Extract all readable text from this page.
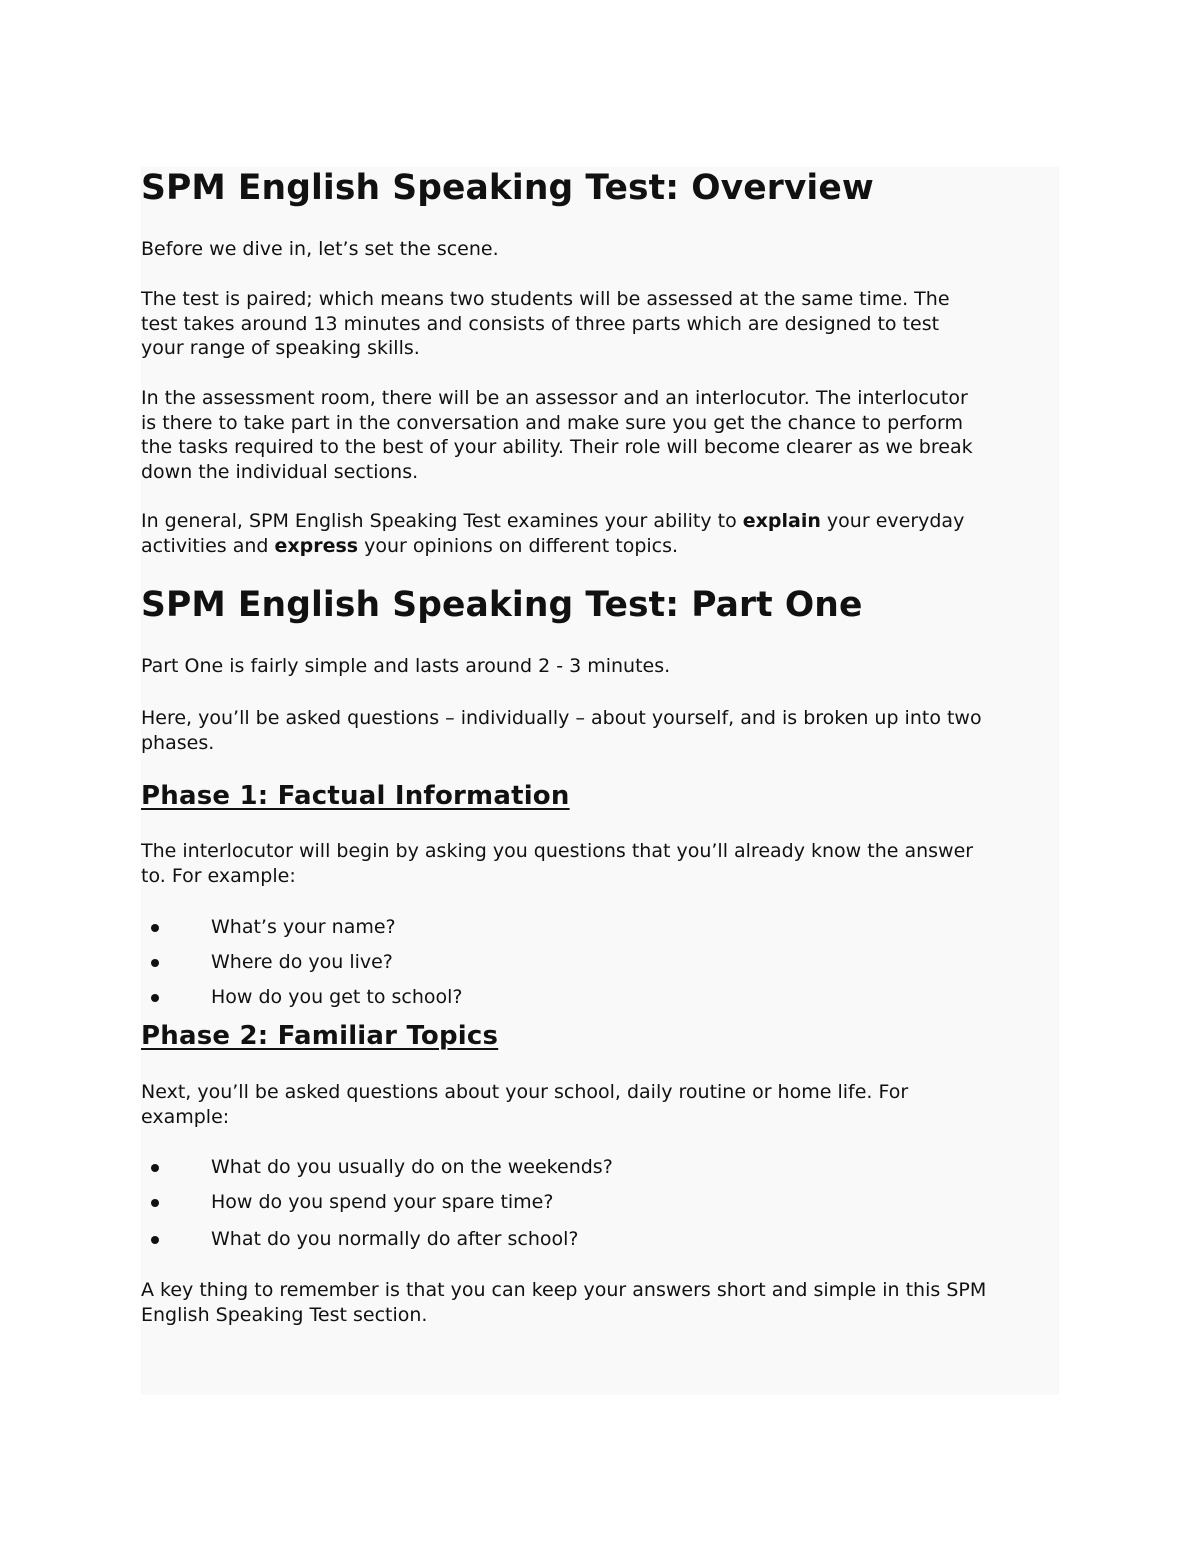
SPM English Speaking Test: Overview

Before we dive in, let’s set the scene.

The test is paired; which means two students will be assessed at the same time. The
test takes around 13 minutes and consists of three parts which are designed to test
your range of speaking skills.

In the assessment room, there will be an assessor and an interlocutor. The interlocutor
is there to take part in the conversation and make sure you get the chance to perform
the tasks required to the best of your ability. Their role will become clearer as we break
down the individual sections.

In general, SPM English Speaking Test examines your ability to explain your everyday
activities and express your opinions on different topics.

SPM English Speaking Test: Part One

Part One is fairly simple and lasts around 2 - 3 minutes.

Here, you’ll be asked questions – individually – about yourself, and is broken up into two
phases.

Phase 1: Factual Information

The interlocutor will begin by asking you questions that you’ll already know the answer
to. For example:

What’s your name?
Where do you live?
How do you get to school?
Phase 2: Familiar Topics

Next, you’ll be asked questions about your school, daily routine or home life. For
example:

What do you usually do on the weekends?
How do you spend your spare time?
What do you normally do after school?

A key thing to remember is that you can keep your answers short and simple in this SPM
English Speaking Test section.
